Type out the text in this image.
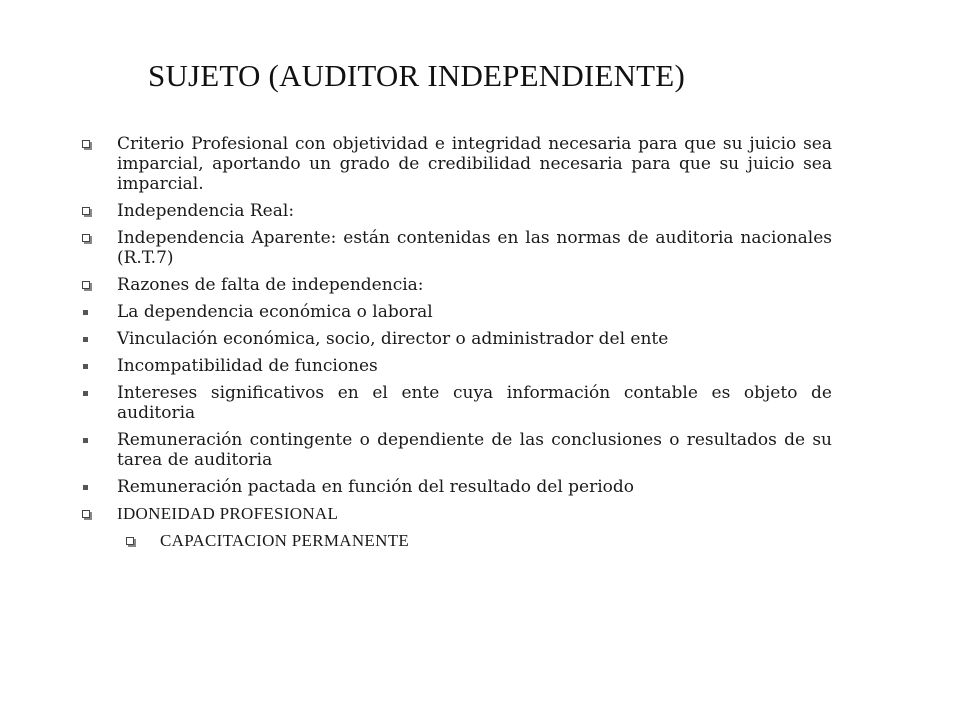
SUJETO (AUDITOR INDEPENDIENTE)
Criterio Profesional con objetividad e integridad necesaria para que su juicio sea imparcial, aportando un grado de credibilidad necesaria para que su juicio sea imparcial.
Independencia Real:
Independencia Aparente: están contenidas en las normas de auditoria nacionales (R.T.7)
Razones de falta de independencia:
La dependencia económica o laboral
Vinculación económica, socio, director o administrador del ente
Incompatibilidad de funciones
Intereses significativos en el ente cuya información contable es objeto de auditoria
Remuneración contingente o dependiente de las conclusiones o resultados de su tarea de auditoria
Remuneración pactada en función del resultado del periodo
IDONEIDAD PROFESIONAL
CAPACITACION PERMANENTE
